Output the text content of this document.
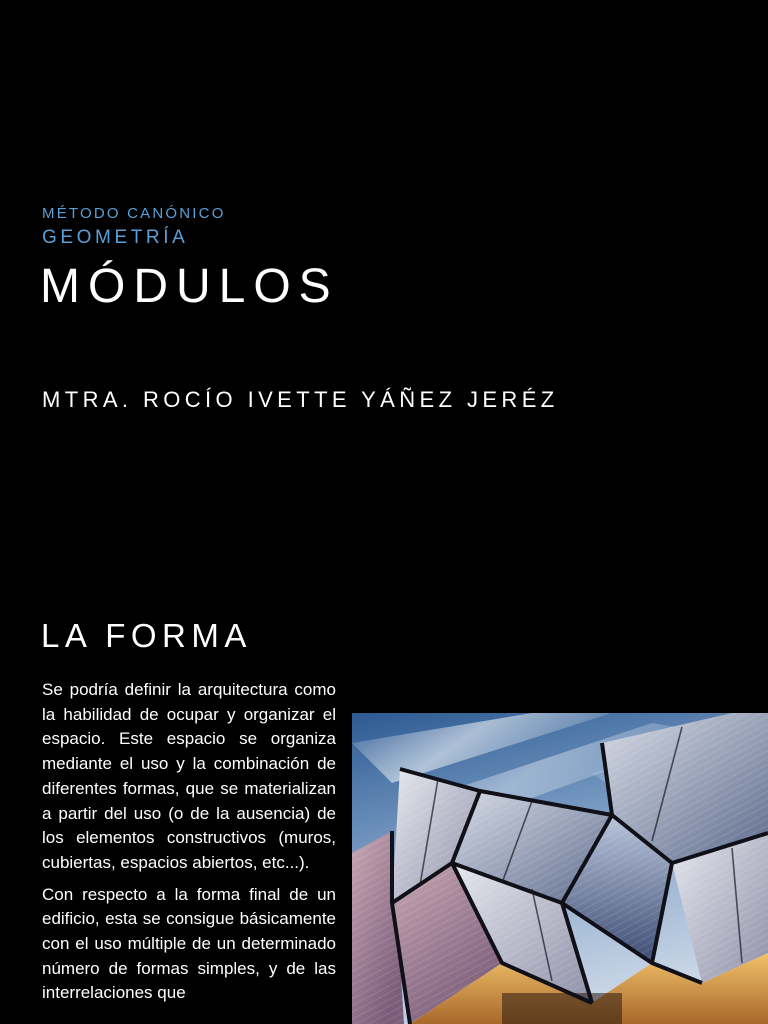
MÉTODO CANÓNICO
GEOMETRÍA
MÓDULOS
MTRA. ROCÍO IVETTE YÁÑEZ JERÉZ
LA FORMA

Se podría definir la arquitectura como la habilidad de ocupar y organizar el espacio. Este espacio se organiza mediante el uso y la combinación de diferentes formas, que se materializan a partir del uso (o de la ausencia) de los elementos constructivos (muros, cubiertas, espacios abiertos, etc...).

Con respecto a la forma final de un edificio, esta se consigue básicamente con el uso múltiple de un determinado número de formas simples, y de las interrelaciones que
